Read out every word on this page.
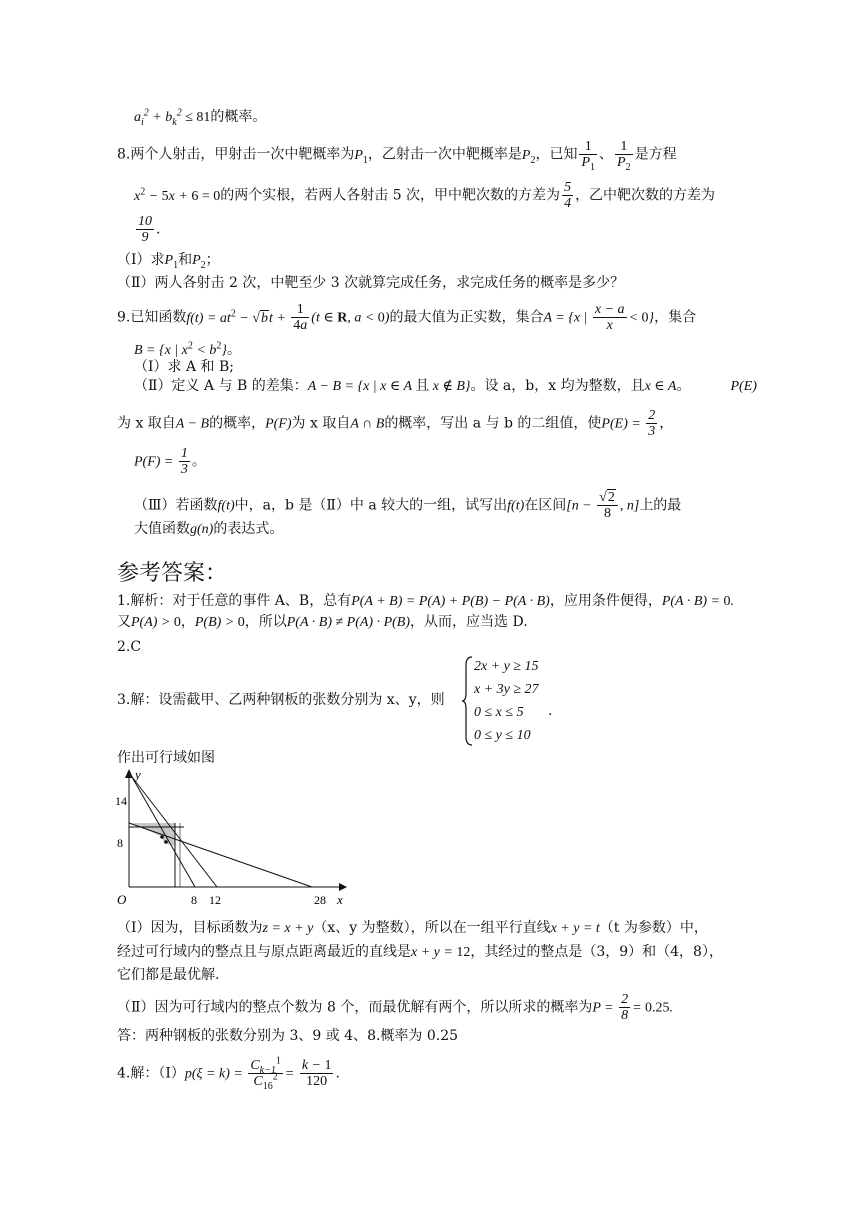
$a_i^2 + b_k^2 \le 81$的概率。
8.两个人射击，甲射击一次中靶概率为$P_1$，乙射击一次中靶概率是$P_2$，已知 $\frac{1}{P_1}$ 、 $\frac{1}{P_2}$ 是方程
$x^2 - 5x + 6 = 0$的两个实根，若两人各射击 5 次，甲中靶次数的方差为 $\frac{5}{4}$ ，乙中靶次数的方差为
$\frac{10}{9}$ .
（Ⅰ）求$P_1$和$P_2$；
（Ⅱ）两人各射击 2 次，中靶至少 3 次就算完成任务，求完成任务的概率是多少？
9.已知函数$f(t) = at^2 - √bt + \frac{1}{4a} (t$ ∈ R, a < 0)的最大值为正实数，集合A = {x | $\frac{x - a}{x} < 0$}，集合
B = {x | $x^2 < b^2$}。
（Ⅰ）求 A 和 B;
（Ⅱ）定义 A 与 B 的差集：A − B = {x | x ∈ A 且 x ∉ B}。设 a，b，x 均为整数，且x ∈ A。	P(E)
为 x 取自A − B的概率，P(F)为 x 取自A ∩ B的概率，写出 a 与 b 的二组值，使$P(E) = \frac{2}{3}$ ，
$P(F) = \frac{1}{3}$ 。
（Ⅲ）若函数f(t)中，a，b 是（Ⅱ）中 a 较大的一组，试写出f(t)在区间[$n - \frac{√2}{8}$ , n]上的最
大值函数g(n)的表达式。
参考答案：
1.解析：对于任意的事件 A、B，总有P(A + B) = P(A) + P(B) − P(A · B)，应用条件便得，P(A · B) = 0.
又P(A) > 0，P(B) > 0，所以P(A · B) ≠ P(A) · P(B)，从而，应当选 D.
2.C
3.解：设需截甲、乙两种钢板的张数分别为 x、y，则
2x + y ≥ 15
x + 3y ≥ 27
0 ≤ x ≤ 5
0 ≤ y ≤ 10
.
作出可行域如图
y
14
8
O	8 12	28 x
（Ⅰ）因为，目标函数为z = x + y（x、y 为整数），所以在一组平行直线x + y = t（t 为参数）中，
经过可行域内的整点且与原点距离最近的直线是x + y = 12，其经过的整点是（3，9）和（4，8），
它们都是最优解.
（Ⅱ）因为可行域内的整点个数为 8 个，而最优解有两个，所以所求的概率为$P = \frac{2}{8} = 0.25$.
答：两种钢板的张数分别为 3、9 或 4、8.概率为 0.25
4.解：（Ⅰ）p(ξ = $k) = \frac{C_{k-1}^1}{C_{16}^2} = \frac{k - 1}{120}$ .
